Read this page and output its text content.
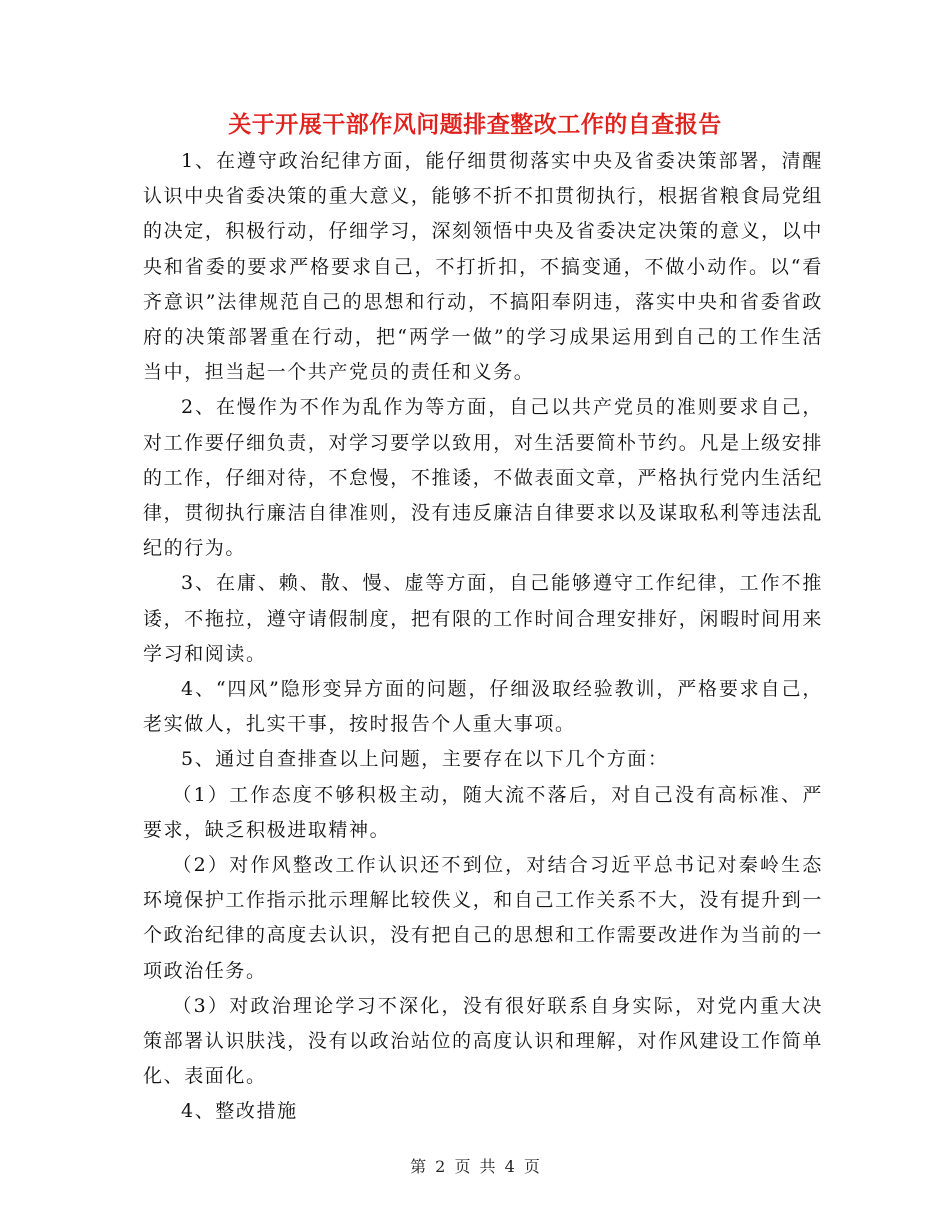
关于开展干部作风问题排查整改工作的自查报告

1、在遵守政治纪律方面，能仔细贯彻落实中央及省委决策部署，清醒认识中央省委决策的重大意义，能够不折不扣贯彻执行，根据省粮食局党组的决定，积极行动，仔细学习，深刻领悟中央及省委决定决策的意义，以中央和省委的要求严格要求自己，不打折扣，不搞变通，不做小动作。以“看齐意识”法律规范自己的思想和行动，不搞阳奉阴违，落实中央和省委省政府的决策部署重在行动，把“两学一做”的学习成果运用到自己的工作生活当中，担当起一个共产党员的责任和义务。

2、在慢作为不作为乱作为等方面，自己以共产党员的准则要求自己，对工作要仔细负责，对学习要学以致用，对生活要简朴节约。凡是上级安排的工作，仔细对待，不怠慢，不推诿，不做表面文章，严格执行党内生活纪律，贯彻执行廉洁自律准则，没有违反廉洁自律要求以及谋取私利等违法乱纪的行为。

3、在庸、赖、散、慢、虚等方面，自己能够遵守工作纪律，工作不推诿，不拖拉，遵守请假制度，把有限的工作时间合理安排好，闲暇时间用来学习和阅读。

4、“四风”隐形变异方面的问题，仔细汲取经验教训，严格要求自己，老实做人，扎实干事，按时报告个人重大事项。

5、通过自查排查以上问题，主要存在以下几个方面：

（1）工作态度不够积极主动，随大流不落后，对自己没有高标准、严要求，缺乏积极进取精神。

（2）对作风整改工作认识还不到位，对结合习近平总书记对秦岭生态环境保护工作指示批示理解比较佚义，和自己工作关系不大，没有提升到一个政治纪律的高度去认识，没有把自己的思想和工作需要改进作为当前的一项政治任务。

（3）对政治理论学习不深化，没有很好联系自身实际，对党内重大决策部署认识肤浅，没有以政治站位的高度认识和理解，对作风建设工作简单化、表面化。

4、整改措施

第 2 页 共 4 页
